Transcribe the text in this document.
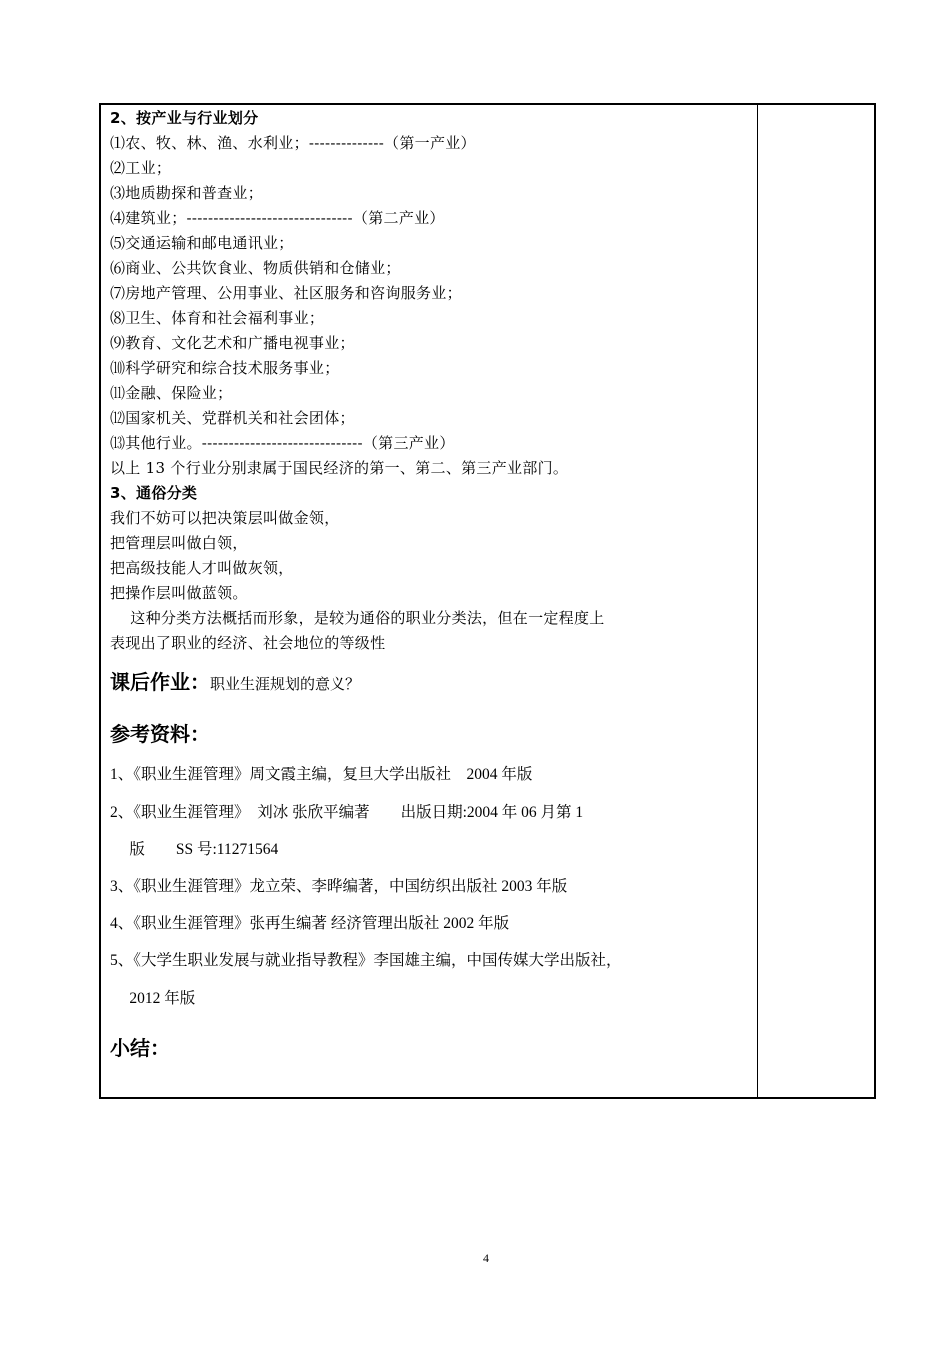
2、按产业与行业划分
⑴农、牧、林、渔、水利业；--------------（第一产业）
⑵工业；
⑶地质勘探和普查业；
⑷建筑业；-------------------------------（第二产业）
⑸交通运输和邮电通讯业；
⑹商业、公共饮食业、物质供销和仓储业；
⑺房地产管理、公用事业、社区服务和咨询服务业；
⑻卫生、体育和社会福利事业；
⑼教育、文化艺术和广播电视事业；
⑽科学研究和综合技术服务事业；
⑾金融、保险业；
⑿国家机关、党群机关和社会团体；
⒀其他行业。------------------------------（第三产业）
以上 13 个行业分别隶属于国民经济的第一、第二、第三产业部门。
3、通俗分类
我们不妨可以把决策层叫做金领，
把管理层叫做白领，
把高级技能人才叫做灰领，
把操作层叫做蓝领。
这种分类方法概括而形象，是较为通俗的职业分类法，但在一定程度上
表现出了职业的经济、社会地位的等级性
课后作业：职业生涯规划的意义？
参考资料：
1、《职业生涯管理》周文霞主编，复旦大学出版社　2004 年版
2、《职业生涯管理》　刘冰 张欣平编著　　出版日期:2004 年 06 月第 1
　 版　　SS 号:11271564
3、《职业生涯管理》龙立荣、李晔编著，中国纺织出版社 2003 年版
4、《职业生涯管理》张再生编著 经济管理出版社 2002 年版
5、《大学生职业发展与就业指导教程》李国雄主编，中国传媒大学出版社，
　 2012 年版
小结：
4
